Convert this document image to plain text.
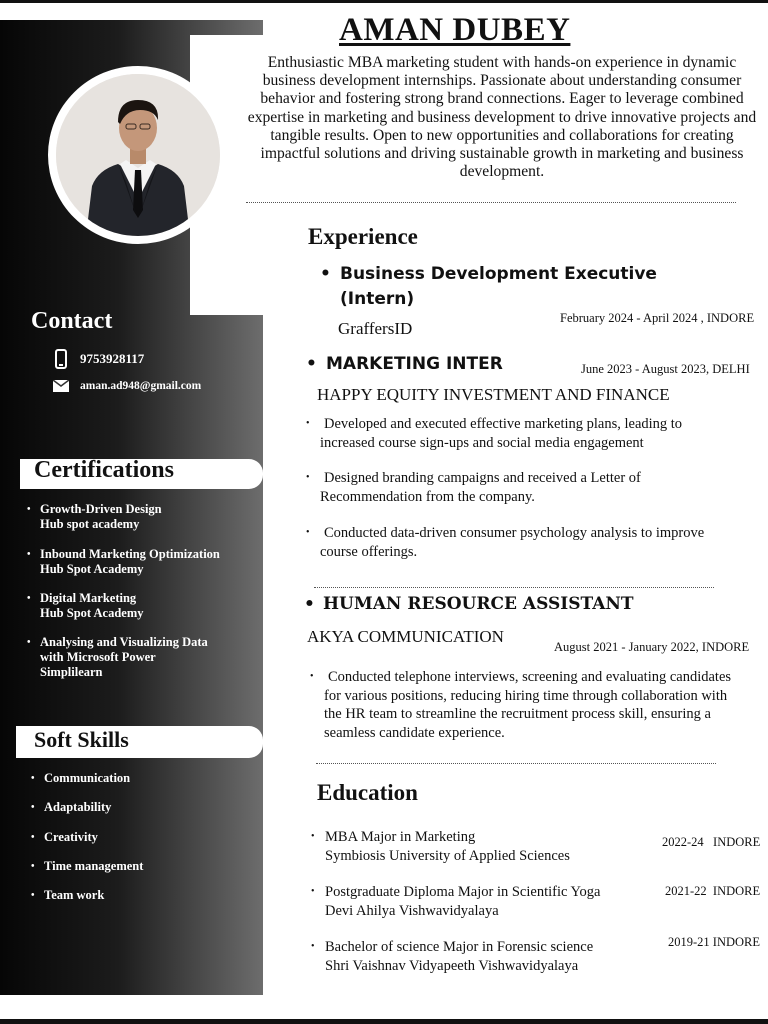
Contact
9753928117
aman.ad948@gmail.com
Certifications
• Growth-Driven Design
Hub spot academy
• Inbound Marketing Optimization
Hub Spot Academy
• Digital Marketing
Hub Spot Academy
• Analysing and Visualizing Data
with Microsoft Power
Simplilearn
Soft Skills
• Communication
• Adaptability
• Creativity
• Time management
• Team work
AMAN DUBEY
Enthusiastic MBA marketing student with hands-on experience in dynamic business development internships. Passionate about understanding consumer behavior and fostering strong brand connections. Eager to leverage combined expertise in marketing and business development to drive innovative projects and tangible results. Open to new opportunities and collaborations for creating impactful solutions and driving sustainable growth in marketing and business development.
Experience
• Business Development Executive
(Intern)
GraffersID
February 2024 - April 2024 , INDORE
• MARKETING INTER	June 2023 - August 2023, DELHI
HAPPY EQUITY INVESTMENT AND FINANCE
• Developed and executed effective marketing plans, leading to
increased course sign-ups and social media engagement
• Designed branding campaigns and received a Letter of
Recommendation from the company.
• Conducted data-driven consumer psychology analysis to improve
course offerings.
• HUMAN RESOURCE ASSISTANT
AKYA COMMUNICATION
August 2021 - January 2022, INDORE
• Conducted telephone interviews, screening and evaluating candidates
for various positions, reducing hiring time through collaboration with
the HR team to streamline the recruitment process skill, ensuring a
seamless candidate experience.
Education
• MBA Major in Marketing
Symbiosis University of Applied Sciences
2022-24 INDORE
• Postgraduate Diploma Major in Scientific Yoga
Devi Ahilya Vishwavidyalaya
2021-22 INDORE
• Bachelor of science Major in Forensic science
Shri Vaishnav Vidyapeeth Vishwavidyalaya
2019-21 INDORE
